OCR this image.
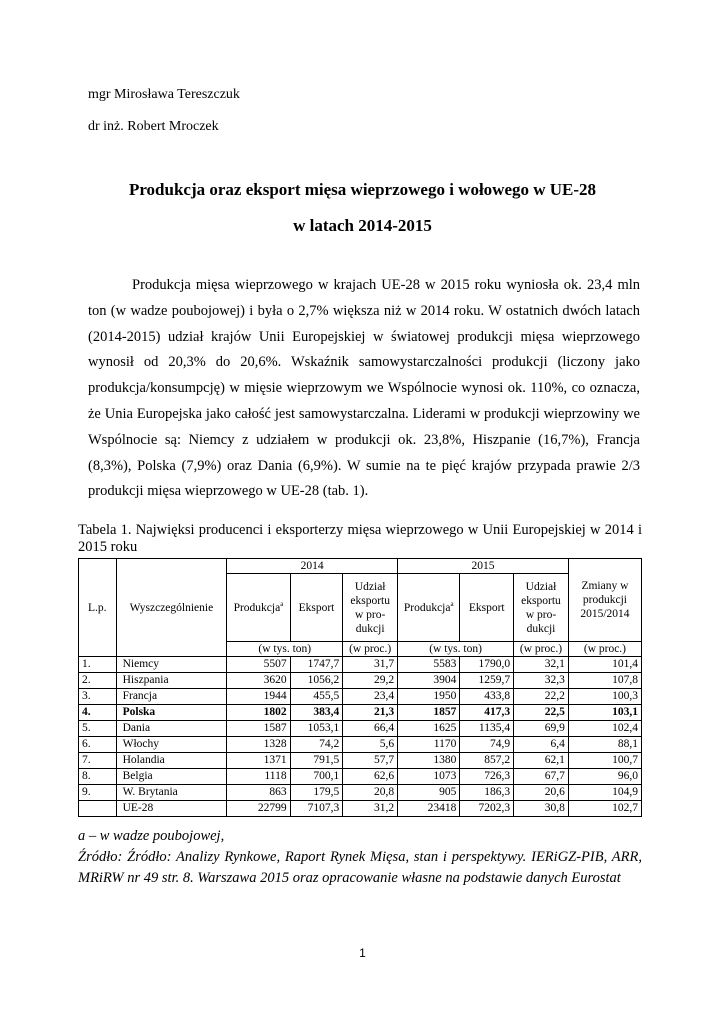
mgr Mirosława Tereszczuk
dr inż. Robert Mroczek
Produkcja oraz eksport mięsa wieprzowego i wołowego w UE-28
w latach 2014-2015

Produkcja mięsa wieprzowego w krajach UE-28 w 2015 roku wyniosła ok. 23,4 mln ton (w wadze poubojowej) i była o 2,7% większa niż w 2014 roku. W ostatnich dwóch latach (2014-2015) udział krajów Unii Europejskiej w światowej produkcji mięsa wieprzowego wynosił od 20,3% do 20,6%. Wskaźnik samowystarczalności produkcji (liczony jako produkcja/konsumpcję) w mięsie wieprzowym we Wspólnocie wynosi ok. 110%, co oznacza, że Unia Europejska jako całość jest samowystarczalna. Liderami w produkcji wieprzowiny we Wspólnocie są: Niemcy z udziałem w produkcji ok. 23,8%, Hiszpanie (16,7%), Francja (8,3%), Polska (7,9%) oraz Dania (6,9%). W sumie na te pięć krajów przypada prawie 2/3 produkcji mięsa wieprzowego w UE-28 (tab. 1).

Tabela 1. Najwięksi producenci i eksporterzy mięsa wieprzowego w Unii Europejskiej w 2014 i 2015 roku
L.p.	Wyszczególnienie	2014			2015			Zmiany w produkcji 2015/2014
		Produkcja$^a$	Eksport	Udział eksportu w pro-dukcji	Produkcja$^a$	Eksport	Udział eksportu w pro-dukcji	
		(w tys. ton)		(w proc.)	(w tys. ton)		(w proc.)	(w proc.)
1.	Niemcy	5507	1747,7	31,7	5583	1790,0	32,1	101,4
2.	Hiszpania	3620	1056,2	29,2	3904	1259,7	32,3	107,8
3.	Francja	1944	455,5	23,4	1950	433,8	22,2	100,3
4.	Polska	1802	383,4	21,3	1857	417,3	22,5	103,1
5.	Dania	1587	1053,1	66,4	1625	1135,4	69,9	102,4
6.	Włochy	1328	74,2	5,6	1170	74,9	6,4	88,1
7.	Holandia	1371	791,5	57,7	1380	857,2	62,1	100,7
8.	Belgia	1118	700,1	62,6	1073	726,3	67,7	96,0
9.	W. Brytania	863	179,5	20,8	905	186,3	20,6	104,9
	UE-28	22799	7107,3	31,2	23418	7202,3	30,8	102,7
a – w wadze poubojowej,
Źródło: Źródło: Analizy Rynkowe, Raport Rynek Mięsa, stan i perspektywy. IERiGZ-PIB, ARR, MRiRW nr 49 str. 8. Warszawa 2015 oraz opracowanie własne na podstawie danych Eurostat
1
